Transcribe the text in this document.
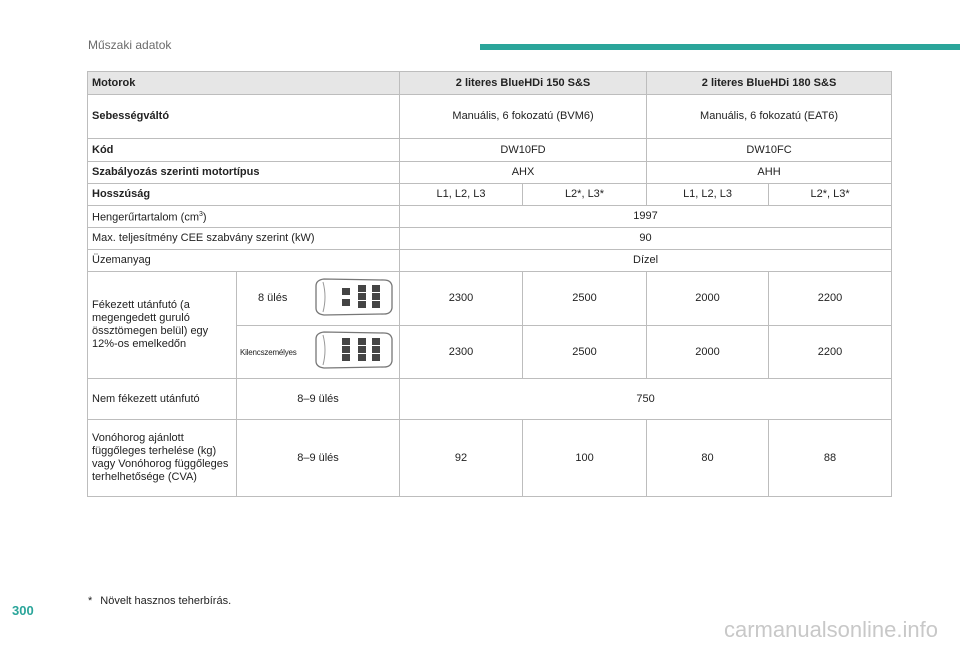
Műszaki adatok
Motorok		2 literes BlueHDi 150 S&S		2 literes BlueHDi 180 S&S	
Sebességváltó		Manuális, 6 fokozatú (BVM6)		Manuális, 6 fokozatú (EAT6)	
Kód		DW10FD		DW10FC	
Szabályozás szerinti motortípus		AHX		AHH	
Hosszúság		L1, L2, L3	L2*, L3*	L1, L2, L3	L2*, L3*
Hengerűrtartalom $(cm^3)$		1997			
Max. teljesítmény CEE szabvány szerint (kW)		90			
Üzemanyag		Dízel			
Fékezett utánfutó (a megengedett guruló össztömegen belül) egy 12%-os emelkedőn	8 ülés	2300	2500	2000	2200

	Kilencszemélyes	2300	2500	2000	2200
Nem fékezett utánfutó	8–9 ülés	750			
Vonóhorog ajánlott függőleges terhelése (kg) vagy Vonóhorog függőleges terhelhetősége (CVA)	8–9 ülés	92	100	80	88
* Növelt hasznos teherbírás.
300
carmanualsonline.info
